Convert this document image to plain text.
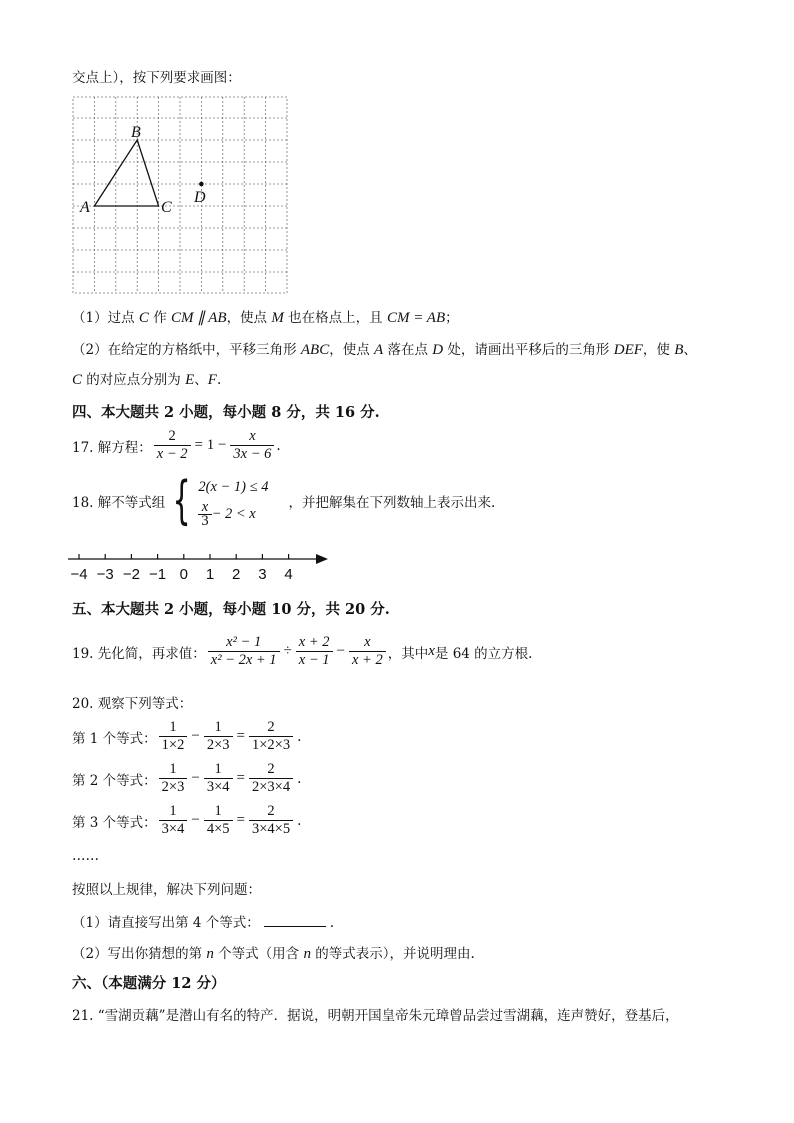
交点上），按下列要求画图：
B
A	C
D
（1）过点 C 作 CM ∥ AB，使点 M 也在格点上，且 CM = AB；
（2）在给定的方格纸中，平移三角形 ABC，使点 A 落在点 D 处，请画出平移后的三角形 DEF，使 B、
C 的对应点分别为 E、F.
四、本大题共 2 小题，每小题 8 分，共 16 分.
17. 解方程： $\frac{2}{x - 2} = 1 - \frac{x}{3x - 6}$ .
18. 解不等式组 { 2(x − 1) ≤ 4
$\frac{x}{3} - 2 < x$
，并把解集在下列数轴上表示出来.
−4 −3 −2 −1 0 1 2 3 4
五、本大题共 2 小题，每小题 10 分，共 20 分.
19. 先化简，再求值： $\frac{\text{x² − 1}}{\text{x² − 2x + 1}} \div \frac{x + 2}{x - 1} - \frac{x}{x + 2}$ ，其中 x 是 64 的立方根.
20. 观察下列等式：
第 1 个等式： $\frac{1}{1\times 2} - \frac{1}{2\times 3} = \frac{2}{1\times 2\times 3}$ .
第 2 个等式： $\frac{1}{2\times 3} - \frac{1}{3\times 4} = \frac{2}{2\times 3\times 4}$ .
第 3 个等式： $\frac{1}{3\times 4} - \frac{1}{4\times 5} = \frac{2}{3\times 4\times 5}$ .
……
按照以上规律，解决下列问题：
（1）请直接写出第 4 个等式：	.
（2）写出你猜想的第 n 个等式（用含 n 的等式表示），并说明理由.
六、（本题满分 12 分）
21. “雪湖贡藕”是潜山有名的特产．据说，明朝开国皇帝朱元璋曾品尝过雪湖藕，连声赞好，登基后，
